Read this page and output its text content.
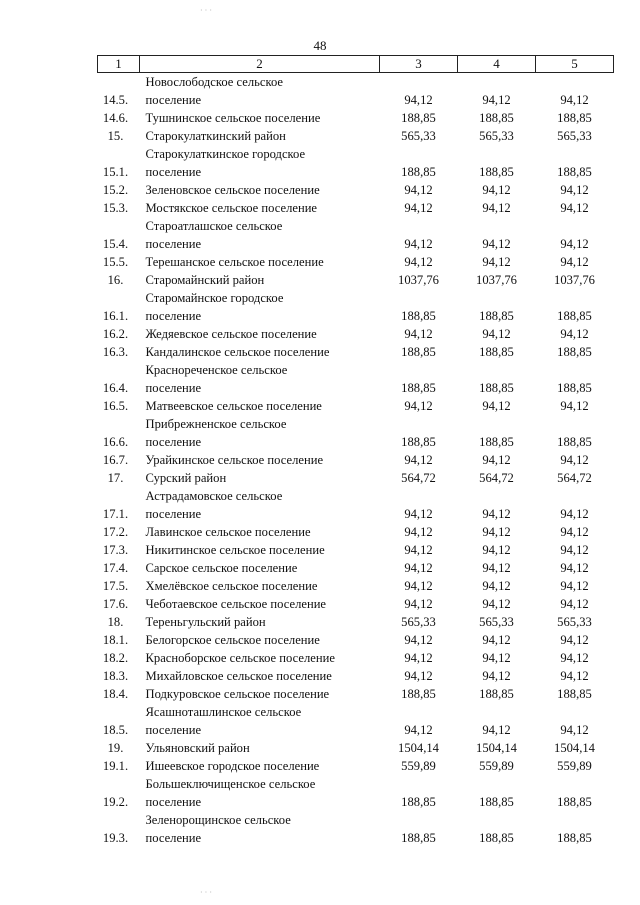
· · ·
48
1	2	3	4	5
14.5.	Новослободское сельское
поселение	94,12	94,12	94,12
14.6.	Тушнинское сельское поселение	188,85	188,85	188,85
15.	Старокулаткинский район	565,33	565,33	565,33
15.1.	Старокулаткинское городское
поселение	188,85	188,85	188,85
15.2.	Зеленовское сельское поселение	94,12	94,12	94,12
15.3.	Мостякское сельское поселение	94,12	94,12	94,12
15.4.	Староатлашское сельское
поселение	94,12	94,12	94,12
15.5.	Терешанское сельское поселение	94,12	94,12	94,12
16.	Старомайнский район	1037,76	1037,76	1037,76
16.1.	Старомайнское городское
поселение	188,85	188,85	188,85
16.2.	Жедяевское сельское поселение	94,12	94,12	94,12
16.3.	Кандалинское сельское поселение	188,85	188,85	188,85
16.4.	Краснореченское сельское
поселение	188,85	188,85	188,85
16.5.	Матвеевское сельское поселение	94,12	94,12	94,12
16.6.	Прибрежненское сельское
поселение	188,85	188,85	188,85
16.7.	Урайкинское сельское поселение	94,12	94,12	94,12
17.	Сурский район	564,72	564,72	564,72
17.1.	Астрадамовское сельское
поселение	94,12	94,12	94,12
17.2.	Лавинское сельское поселение	94,12	94,12	94,12
17.3.	Никитинское сельское поселение	94,12	94,12	94,12
17.4.	Сарское сельское поселение	94,12	94,12	94,12
17.5.	Хмелёвское сельское поселение	94,12	94,12	94,12
17.6.	Чеботаевское сельское поселение	94,12	94,12	94,12
18.	Тереньгульский район	565,33	565,33	565,33
18.1.	Белогорское сельское поселение	94,12	94,12	94,12
18.2.	Красноборское сельское поселение	94,12	94,12	94,12
18.3.	Михайловское сельское поселение	94,12	94,12	94,12
18.4.	Подкуровское сельское поселение	188,85	188,85	188,85
18.5.	Ясашноташлинское сельское
поселение	94,12	94,12	94,12
19.	Ульяновский район	1504,14	1504,14	1504,14
19.1.	Ишеевское городское поселение	559,89	559,89	559,89
19.2.	Большеключищенское сельское
поселение	188,85	188,85	188,85
19.3.	Зеленорощинское сельское
поселение	188,85	188,85	188,85
· · ·
